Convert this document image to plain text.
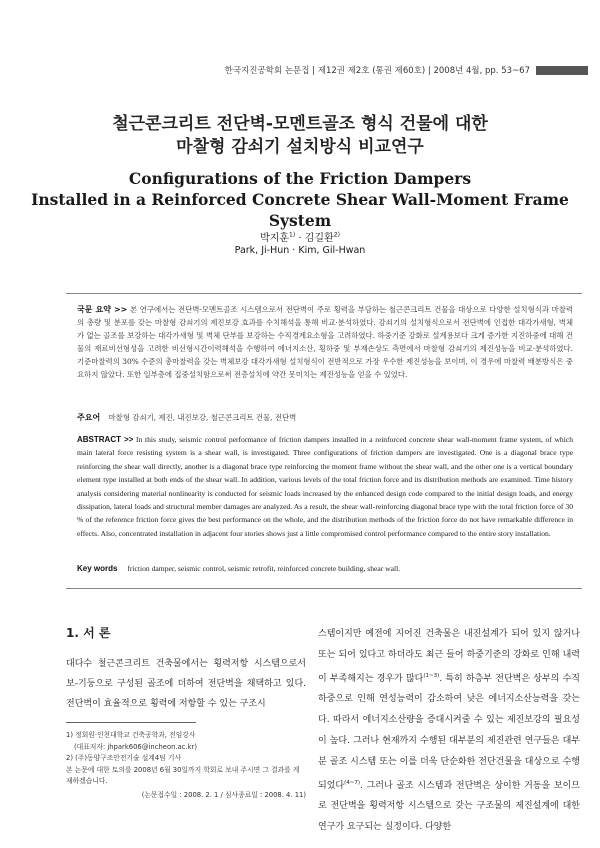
한국지진공학회 논문집 | 제12권 제2호 (통권 제60호) | 2008년 4월, pp. 53~67
철근콘크리트 전단벽-모멘트골조 형식 건물에 대한
마찰형 감쇠기 설치방식 비교연구
Configurations of the Friction Dampers
Installed in a Reinforced Concrete Shear Wall-Moment Frame System
박지훈$^{1)}$ · 김길환$^{2)}$
Park, Ji-Hun · Kim, Gil-Hwan
국문 요약 >> 본 연구에서는 전단벽-모멘트골조 시스템으로서 전단벽이 주로 횡력을 부담하는 철근콘크리트 건물을 대상으로 다양한 설치형식과 마찰력의 총량 및 분포를 갖는 마찰형 감쇠기의 제진보강 효과를 수치해석을 통해 비교·분석하였다. 감쇠기의 설치형식으로서 전단벽에 인접한 대각가새형, 벽체가 없는 골조를 보강하는 대각가새형 및 벽체 단부를 보강하는 수직경계요소형을 고려하였다. 하중기준 강화로 설계용보다 크게 증가한 지진하중에 대해 건물의 재료비선형성을 고려한 비선형시간이력해석을 수행하여 에너지소산, 횡하중 및 부재손상도 측면에서 마찰형 감쇠기의 제진성능을 비교·분석하였다. 기준마찰력의 30% 수준의 총마찰력을 갖는 벽체보강 대각가새형 설치형식이 전반적으로 가장 우수한 제진성능을 보이며, 이 경우에 마찰력 배분방식은 중요하지 않았다. 또한 일부층에 집중설치함으로써 전층설치에 약간 못미치는 제진성능을 얻을 수 있었다.
주요어 마찰형 감쇠기, 제진, 내진보강, 철근콘크리트 건물, 전단벽
ABSTRACT >> In this study, seismic control performance of friction dampers installed in a reinforced concrete shear wall-moment frame system, of which main lateral force resisting system is a shear wall, is investigated. Three configurations of friction dampers are investigated. One is a diagonal brace type reinforcing the shear wall directly, another is a diagonal brace type reinforcing the moment frame without the shear wall, and the other one is a vertical boundary element type installed at both ends of the shear wall. In addition, various levels of the total friction force and its distribution methods are examined. Time history analysis considering material nonlinearity is conducted for seismic loads increased by the enhanced design code compared to the initial design loads, and energy dissipation, lateral loads and structural member damages are analyzed. As a result, the shear wall-reinforcing diagonal brace type with the total friction force of 30 % of the reference friction force gives the best performance on the whole, and the distribution methods of the friction force do not have remarkable difference in effects. Also, concentrated installation in adjacent four stories shows just a little compromised control performance compared to the entire story installation.
Key words friction damper, seismic control, seismic retrofit, reinforced concrete building, shear wall.
1. 서 론
대다수 철근콘크리트 건축물에서는 횡력저항 시스템으로서 보-기둥으로 구성된 골조에 더하여 전단벽을 채택하고 있다. 전단벽이 효율적으로 횡력에 저항할 수 있는 구조시
1) 정회원·인천대학교 건축공학과, 전임강사
(대표저자: jhpark606@incheon.ac.kr)
2) (주)동양구조안전기술 설계4팀 기사
본 논문에 대한 토의를 2008년 6월 30일까지 학회로 보내 주시면 그 결과를 게재하겠습니다.
(논문접수일 : 2008. 2. 1 / 심사종료일 : 2008. 4. 11)
스템이지만 예전에 지어진 건축물은 내진설계가 되어 있지 않거나 또는 되어 있다고 하더라도 최근 들어 하중기준의 강화로 인해 내력이 부족해지는 경우가 많다$^{(1\sim 3)}$. 특히 하층부 전단벽은 상부의 수직하중으로 인해 연성능력이 감소하여 낮은 에너지소산능력을 갖는다. 따라서 에너지소산량을 증대시켜줄 수 있는 제진보강의 필요성이 높다. 그러나 현재까지 수행된 대부분의 제진관련 연구들은 대부분 골조 시스템 또는 이를 더욱 단순화한 전단건물을 대상으로 수행되었다$^{(4\sim 7)}$. 그러나 골조 시스템과 전단벽은 상이한 거동을 보이므로 전단벽을 횡력저항 시스템으로 갖는 구조물의 제진설계에 대한 연구가 요구되는 실정이다. 다양한
